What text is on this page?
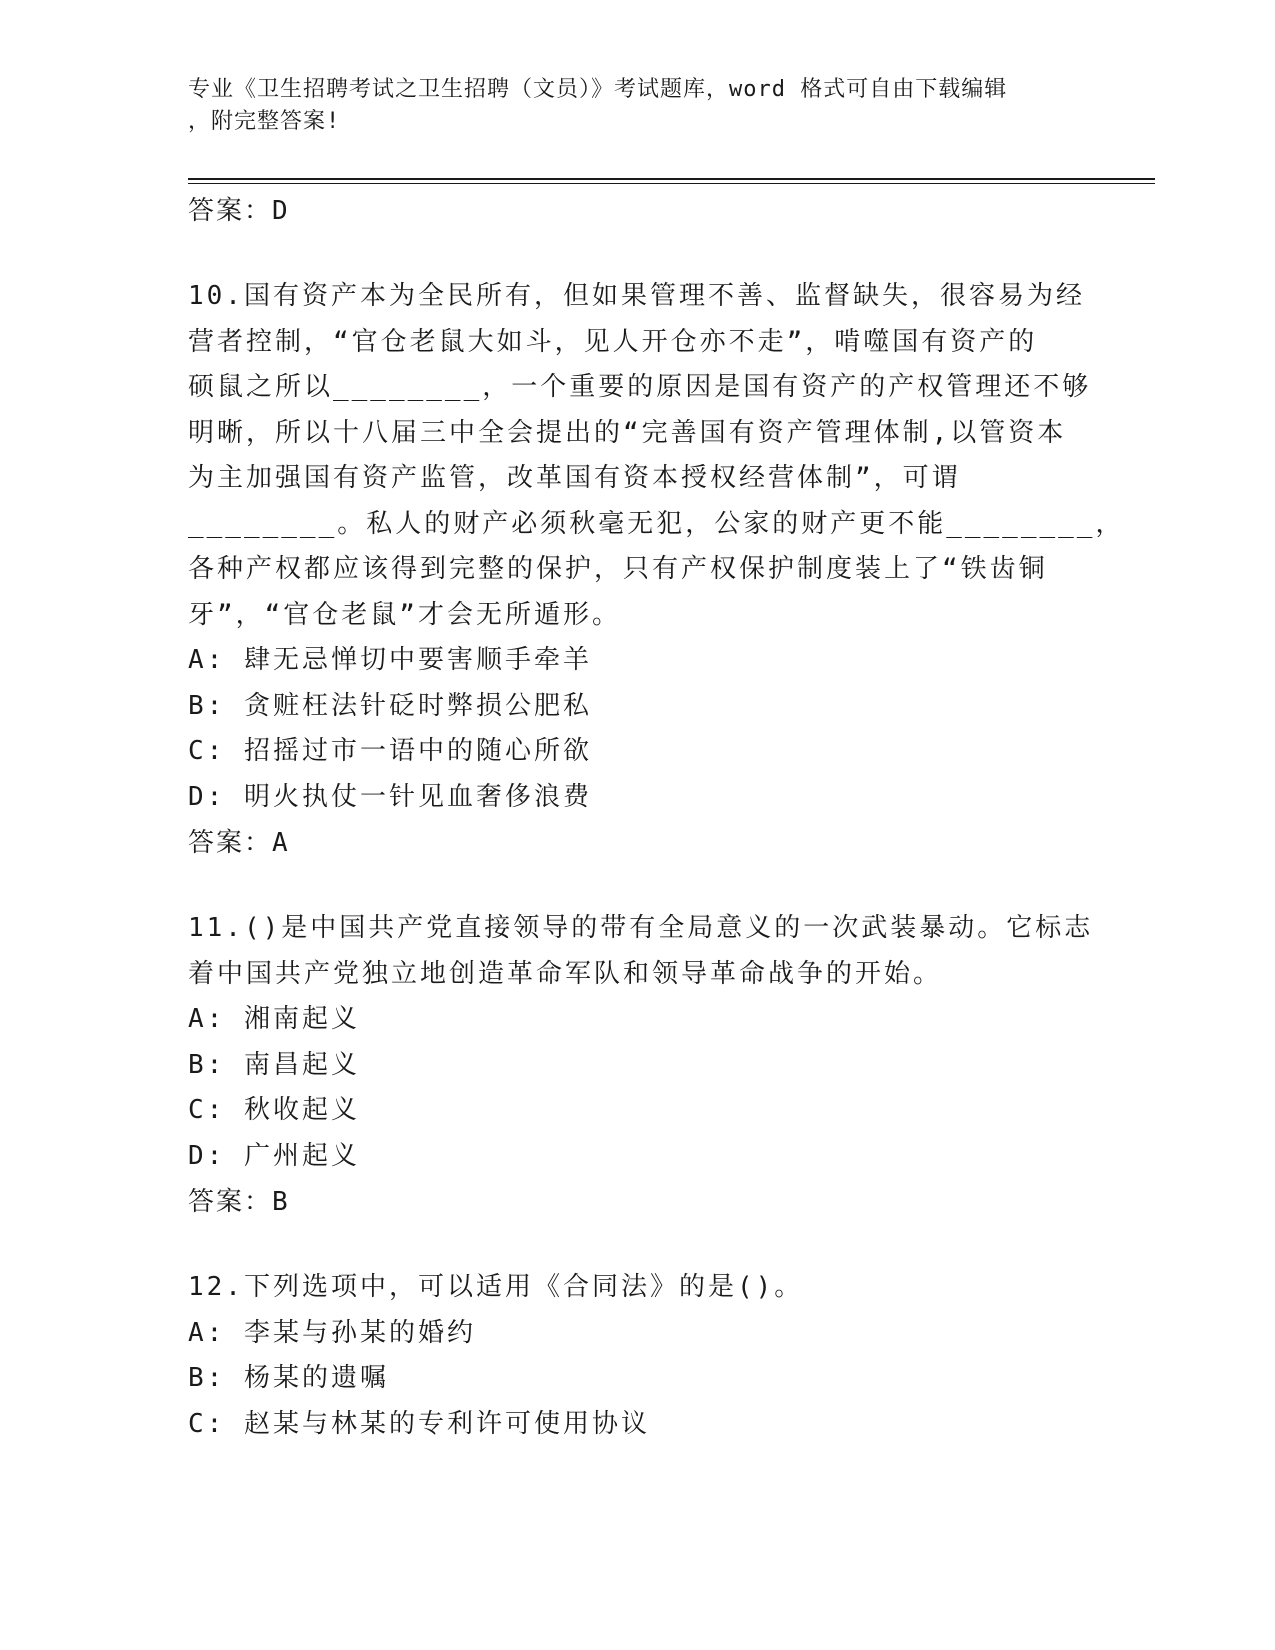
专业《卫生招聘考试之卫生招聘（文员）》考试题库，word 格式可自由下载编辑
，附完整答案!
答案：D
10.国有资产本为全民所有，但如果管理不善、监督缺失，很容易为经
营者控制，“官仓老鼠大如斗，见人开仓亦不走”，啃噬国有资产的
硕鼠之所以________，一个重要的原因是国有资产的产权管理还不够
明晰，所以十八届三中全会提出的“完善国有资产管理体制,以管资本
为主加强国有资产监管，改革国有资本授权经营体制”，可谓
________。私人的财产必须秋毫无犯，公家的财产更不能________，
各种产权都应该得到完整的保护，只有产权保护制度装上了“铁齿铜
牙”，“官仓老鼠”才会无所遁形。
A: 肆无忌惮切中要害顺手牵羊
B: 贪赃枉法针砭时弊损公肥私
C: 招摇过市一语中的随心所欲
D: 明火执仗一针见血奢侈浪费
答案：A
11.()是中国共产党直接领导的带有全局意义的一次武装暴动。它标志
着中国共产党独立地创造革命军队和领导革命战争的开始。
A: 湘南起义
B: 南昌起义
C: 秋收起义
D: 广州起义
答案：B
12.下列选项中，可以适用《合同法》的是()。
A: 李某与孙某的婚约
B: 杨某的遗嘱
C: 赵某与林某的专利许可使用协议
